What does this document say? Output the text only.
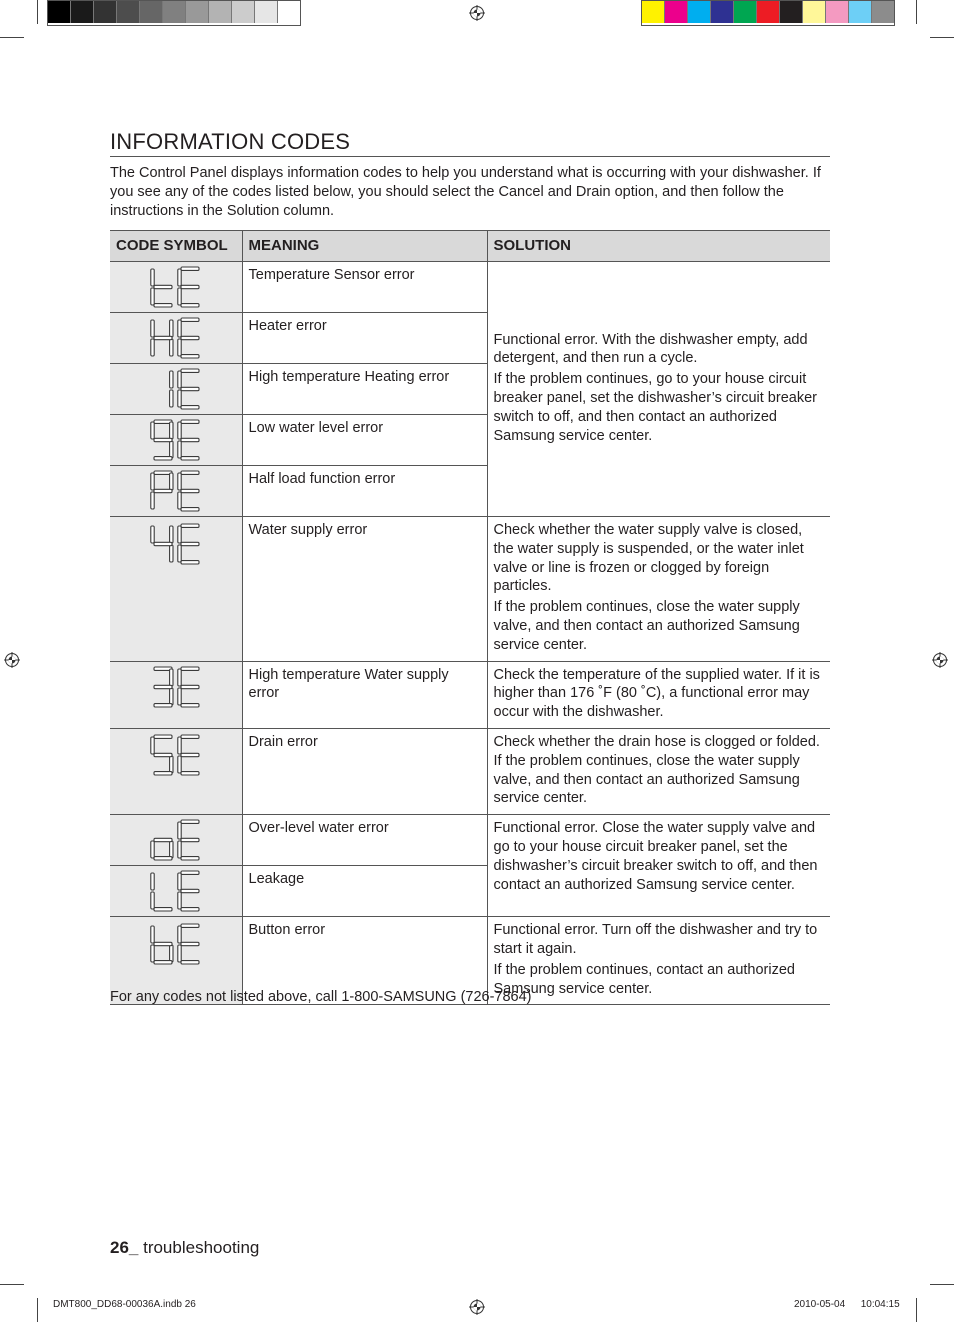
INFORMATION CODES

The Control Panel displays information codes to help you understand what is occurring with your dishwasher. If you see any of the codes listed below, you should select the Cancel and Drain option, and then follow the instructions in the Solution column.

CODE SYMBOL	MEANING	SOLUTION

	Temperature Sensor error	Functional error. With the dishwasher empty, add detergent, and then run a cycle.

If the problem continues, go to your house circuit breaker panel, set the dishwasher’s circuit breaker switch to off, and then contact an authorized Samsung service center.

	Heater error	

	High temperature Heating error	

	Low water level error	

	Half load function error	

	Water supply error	Check whether the water supply valve is closed, the water supply is suspended, or the water inlet valve or line is frozen or clogged by foreign particles.

If the problem continues, close the water supply valve, and then contact an authorized Samsung service center.

	High temperature Water supply error	Check the temperature of the supplied water. If it is higher than 176 ˚F (80 ˚C), a functional error may occur with the dishwasher.

	Drain error	Check whether the drain hose is clogged or folded. If the problem continues, close the water supply valve, and then contact an authorized Samsung service center.

	Over-level water error	Functional error. Close the water supply valve and go to your house circuit breaker panel, set the dishwasher’s circuit breaker switch to off, and then contact an authorized Samsung service center.

	Leakage	

	Button error	Functional error. Turn off the dishwasher and try to start it again.

If the problem continues, contact an authorized Samsung service center.

For any codes not listed above, call 1-800-SAMSUNG (726-7864)

26_ troubleshooting

DMT800_DD68-00036A.indb 26	2010-05-04   10:04:15
